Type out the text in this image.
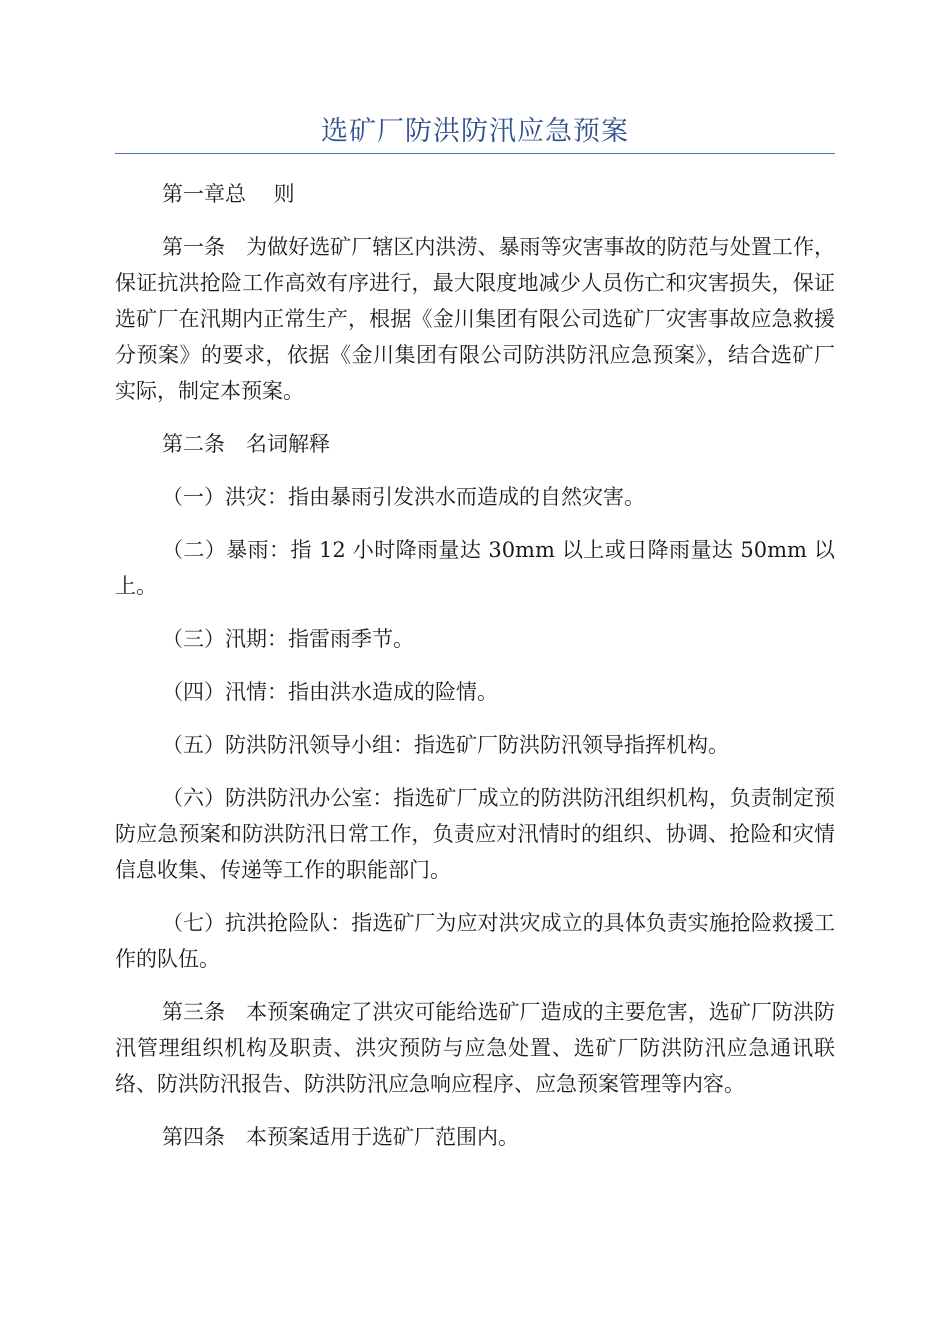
选矿厂防洪防汛应急预案

第一章总　 则

第一条　为做好选矿厂辖区内洪涝、暴雨等灾害事故的防范与处置工作，保证抗洪抢险工作高效有序进行，最大限度地减少人员伤亡和灾害损失，保证选矿厂在汛期内正常生产，根据《金川集团有限公司选矿厂灾害事故应急救援分预案》的要求，依据《金川集团有限公司防洪防汛应急预案》，结合选矿厂实际，制定本预案。

第二条　名词解释

（一）洪灾：指由暴雨引发洪水而造成的自然灾害。

（二）暴雨：指 12 小时降雨量达 30mm 以上或日降雨量达 50mm 以上。

（三）汛期：指雷雨季节。

（四）汛情：指由洪水造成的险情。

（五）防洪防汛领导小组：指选矿厂防洪防汛领导指挥机构。

（六）防洪防汛办公室：指选矿厂成立的防洪防汛组织机构，负责制定预防应急预案和防洪防汛日常工作，负责应对汛情时的组织、协调、抢险和灾情信息收集、传递等工作的职能部门。

（七）抗洪抢险队：指选矿厂为应对洪灾成立的具体负责实施抢险救援工作的队伍。

第三条　本预案确定了洪灾可能给选矿厂造成的主要危害，选矿厂防洪防汛管理组织机构及职责、洪灾预防与应急处置、选矿厂防洪防汛应急通讯联络、防洪防汛报告、防洪防汛应急响应程序、应急预案管理等内容。

第四条　本预案适用于选矿厂范围内。
